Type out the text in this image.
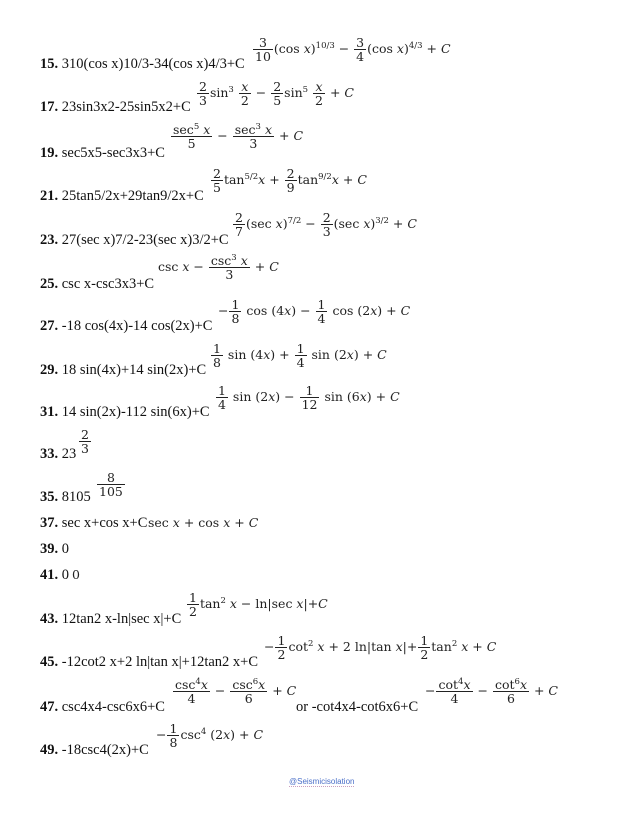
15. 310(cos x)10/3-34(cos x)4/3+C
17. 23sin3x2-25sin5x2+C
19. sec5x5-sec3x3+C
21. 25tan5/2x+29tan9/2x+C
23. 27(sec x)7/2-23(sec x)3/2+C
25. csc x-csc3x3+C
27. -18 cos(4x)-14 cos(2x)+C
29. 18 sin(4x)+14 sin(2x)+C
31. 14 sin(2x)-112 sin(6x)+C
33. 23
35. 8105
37. sec x+cos x+C
39. 0
41. 0
43. 12tan2 x-ln|sec x|+C
45. -12cot2 x+2 ln|tan x|+12tan2 x+C
47. csc4x4-csc6x6+C
49. -18csc4(2x)+C
$\frac{3}{10} (\cos$ $x)^{10/3} - \frac{3}{4} (\cos$ x)$^{4/3}$ + C
$\frac{2}{3} \sin^3 \frac{x}{2} - \frac{2}{5} \sin^5 \frac{x}{2} + C$
$\frac{\sec^5 x}{5} - \frac{\sec^3 x}{3} + C$
$\frac{2}{5} \tan^{5/2}x + \frac{2}{9} \tan^{9/2}x + C$
$\frac{2}{7} (\sec$ $x)^{7/2} - \frac{2}{3} (\sec$ x)$^{3/2}$ + C
$\csc x - \frac{\csc^3 x}{3} + C$
− $\frac{1}{8}$ $\cos (4x) - \frac{1}{4}$ cos (2x) + C
$\frac{1}{8}$ $\sin (4x) + \frac{1}{4}$ sin (2x) + C
$\frac{1}{4}$ $\sin (2x) - \frac{1}{12}$ sin (6x) + C
$\frac{2}{3}$
$\frac{8}{105}$
sec x + cos x + C
0
$\frac{1}{2} \tan^2 x - \ln|\sec$ x|+C
− $\frac{1}{2} \cot^2 x + 2$ ln|tan $x|+ \frac{1}{2} \tan^2 x + C$
$\frac{\csc^4x}{4} - \frac{\csc^6x}{6} + C$
or -cot4x4-cot6x6+C
− $\frac{\cot^4x}{4} - \frac{\cot^6x}{6} + C$
− $\frac{1}{8} \csc^4 (2x) + C$
@Seismicisolation
